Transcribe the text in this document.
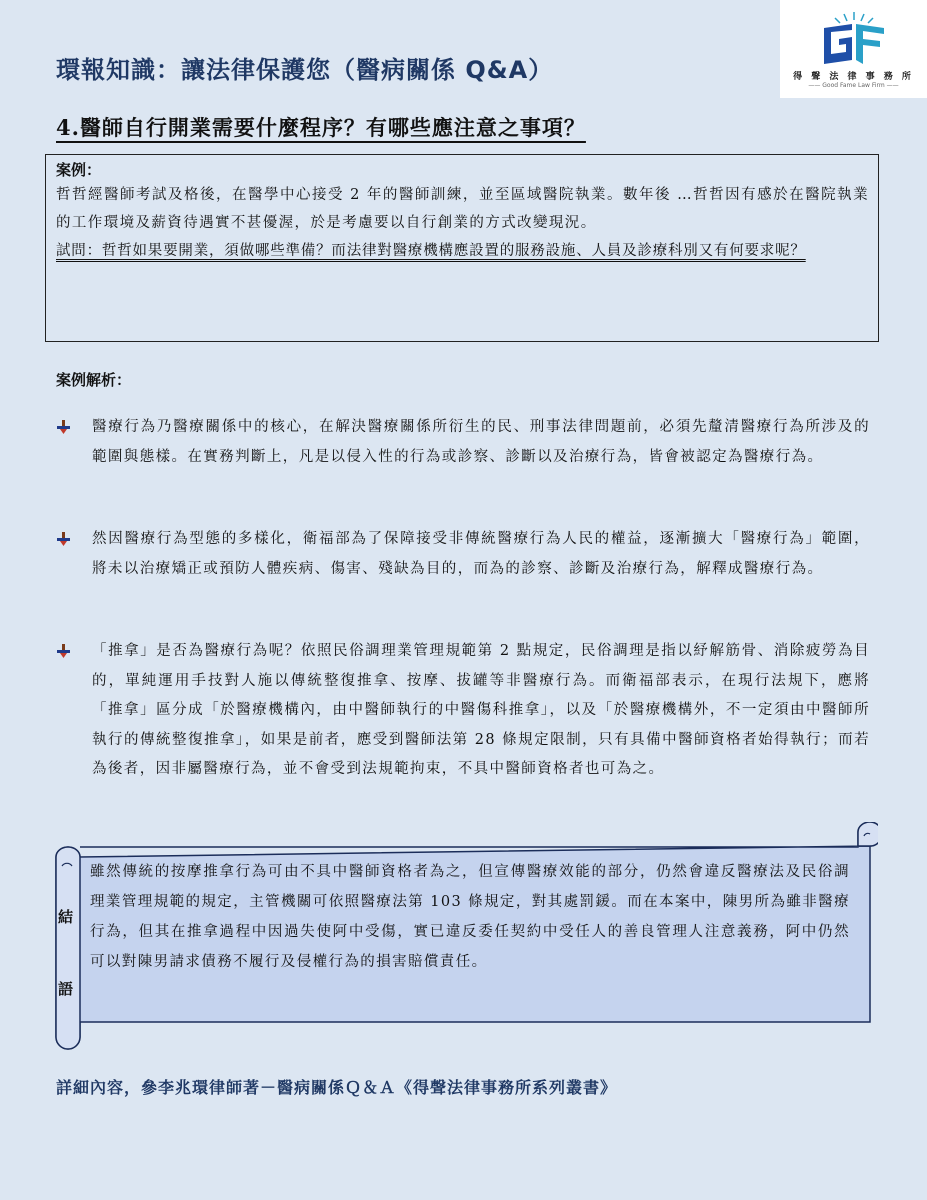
環報知識：讓法律保護您（醫病關係 Q&A）	得 聲 法 律 事 務 所
—— Good Fame Law Firm ——
4.醫師自行開業需要什麼程序？有哪些應注意之事項？
案例：
哲哲經醫師考試及格後，在醫學中心接受 2 年的醫師訓練，並至區域醫院執業。數年後 …哲哲因有感於在醫院執業的工作環境及薪資待遇實不甚優渥，於是考慮要以自行創業的方式改變現況。
試問：哲哲如果要開業，須做哪些準備？而法律對醫療機構應設置的服務設施、人員及診療科別又有何要求呢？
案例解析：
醫療行為乃醫療關係中的核心，在解決醫療關係所衍生的民、刑事法律問題前，必須先釐清醫療行為所涉及的範圍與態樣。在實務判斷上，凡是以侵入性的行為或診察、診斷以及治療行為，皆會被認定為醫療行為。
然因醫療行為型態的多樣化，衛福部為了保障接受非傳統醫療行為人民的權益，逐漸擴大「醫療行為」範圍，將未以治療矯正或預防人體疾病、傷害、殘缺為目的，而為的診察、診斷及治療行為，解釋成醫療行為。
「推拿」是否為醫療行為呢？依照民俗調理業管理規範第 2 點規定，民俗調理是指以紓解筋骨、消除疲勞為目的，單純運用手技對人施以傳統整復推拿、按摩、拔罐等非醫療行為。而衛福部表示，在現行法規下，應將「推拿」區分成「於醫療機構內，由中醫師執行的中醫傷科推拿」，以及「於醫療機構外，不一定須由中醫師所執行的傳統整復推拿」，如果是前者，應受到醫師法第 28 條規定限制，只有具備中醫師資格者始得執行；而若為後者，因非屬醫療行為，並不會受到法規範拘束，不具中醫師資格者也可為之。
結
語
雖然傳統的按摩推拿行為可由不具中醫師資格者為之，但宣傳醫療效能的部分，仍然會違反醫療法及民俗調理業管理規範的規定，主管機關可依照醫療法第 103 條規定，對其處罰鍰。而在本案中，陳男所為雖非醫療行為，但其在推拿過程中因過失使阿中受傷，實已違反委任契約中受任人的善良管理人注意義務，阿中仍然可以對陳男請求債務不履行及侵權行為的損害賠償責任。
詳細內容，參李兆環律師著－醫病關係Ｑ＆Ａ《得聲法律事務所系列叢書》
